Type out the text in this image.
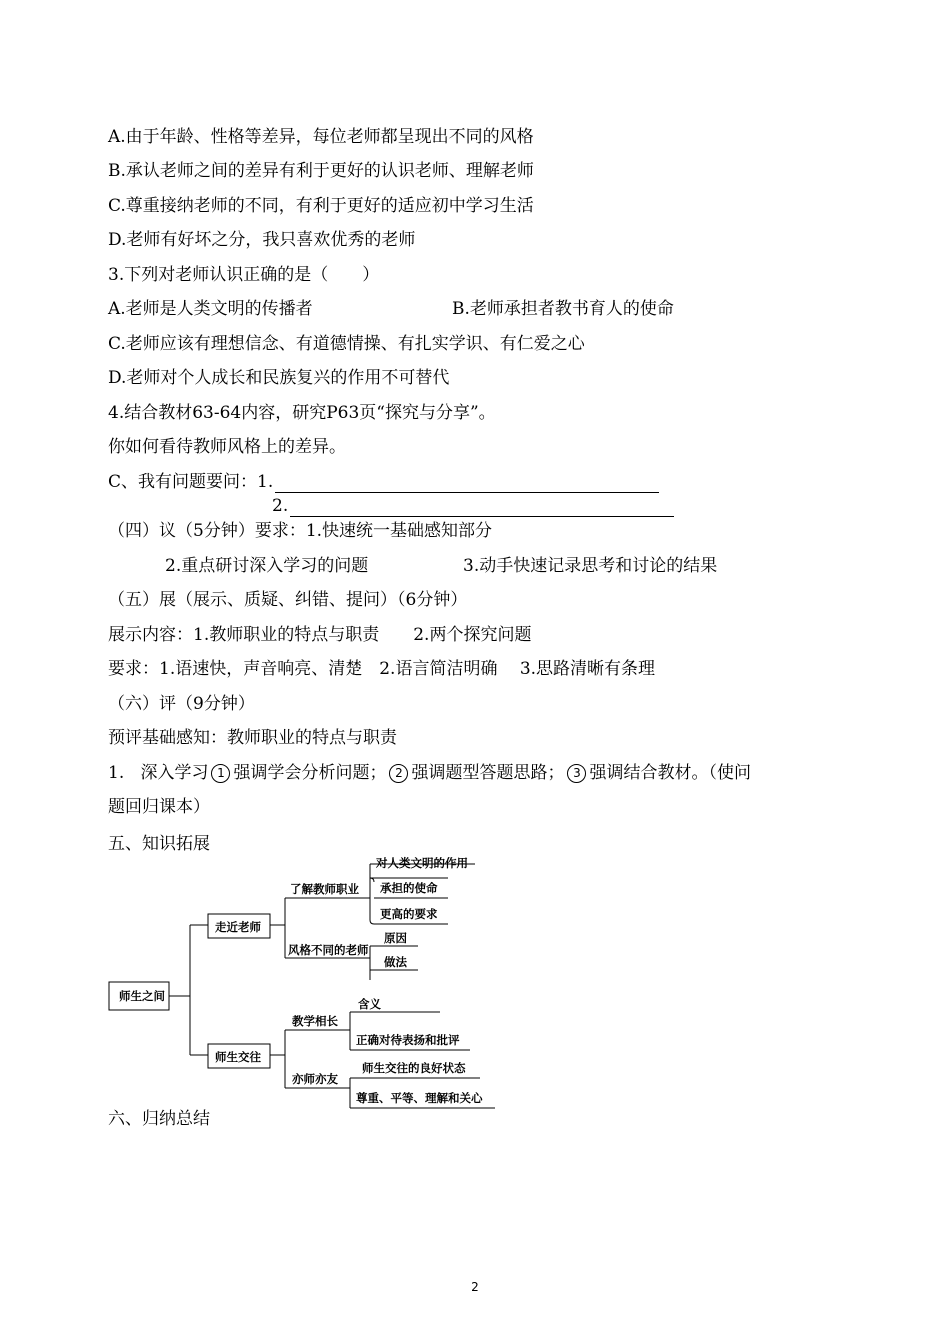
A.由于年龄、性格等差异，每位老师都呈现出不同的风格
B.承认老师之间的差异有利于更好的认识老师、理解老师
C.尊重接纳老师的不同，有利于更好的适应初中学习生活
D.老师有好坏之分，我只喜欢优秀的老师
3.下列对老师认识正确的是（　　）
A.老师是人类文明的传播者	B.老师承担者教书育人的使命
C.老师应该有理想信念、有道德情操、有扎实学识、有仁爱之心
D.老师对个人成长和民族复兴的作用不可替代
4.结合教材63-64内容，研究P63页“探究与分享”。
你如何看待教师风格上的差异。
C、我有问题要问：1.
2.
（四）议（5分钟）要求：1.快速统一基础感知部分
2.重点研讨深入学习的问题	3.动手快速记录思考和讨论的结果
（五）展（展示、质疑、纠错、提问）（6分钟）
展示内容：1.教师职业的特点与职责　　2.两个探究问题
要求：1.语速快，声音响亮、清楚　2.语言简洁明确　 3.思路清晰有条理
（六）评（9分钟）
预评基础感知：教师职业的特点与职责
1. 深入学习 1 强调学会分析问题； 2 强调题型答题思路； 3 强调结合教材。（使问
题回归课本）
五、知识拓展
师生之间
走近老师
师生交往
了解教师职业
对人类文明的作用
承担的使命
更高的要求
风格不同的老师
原因
做法
教学相长
含义
正确对待表扬和批评
亦师亦友
师生交往的良好状态
尊重、平等、理解和关心
六、归纳总结
2
